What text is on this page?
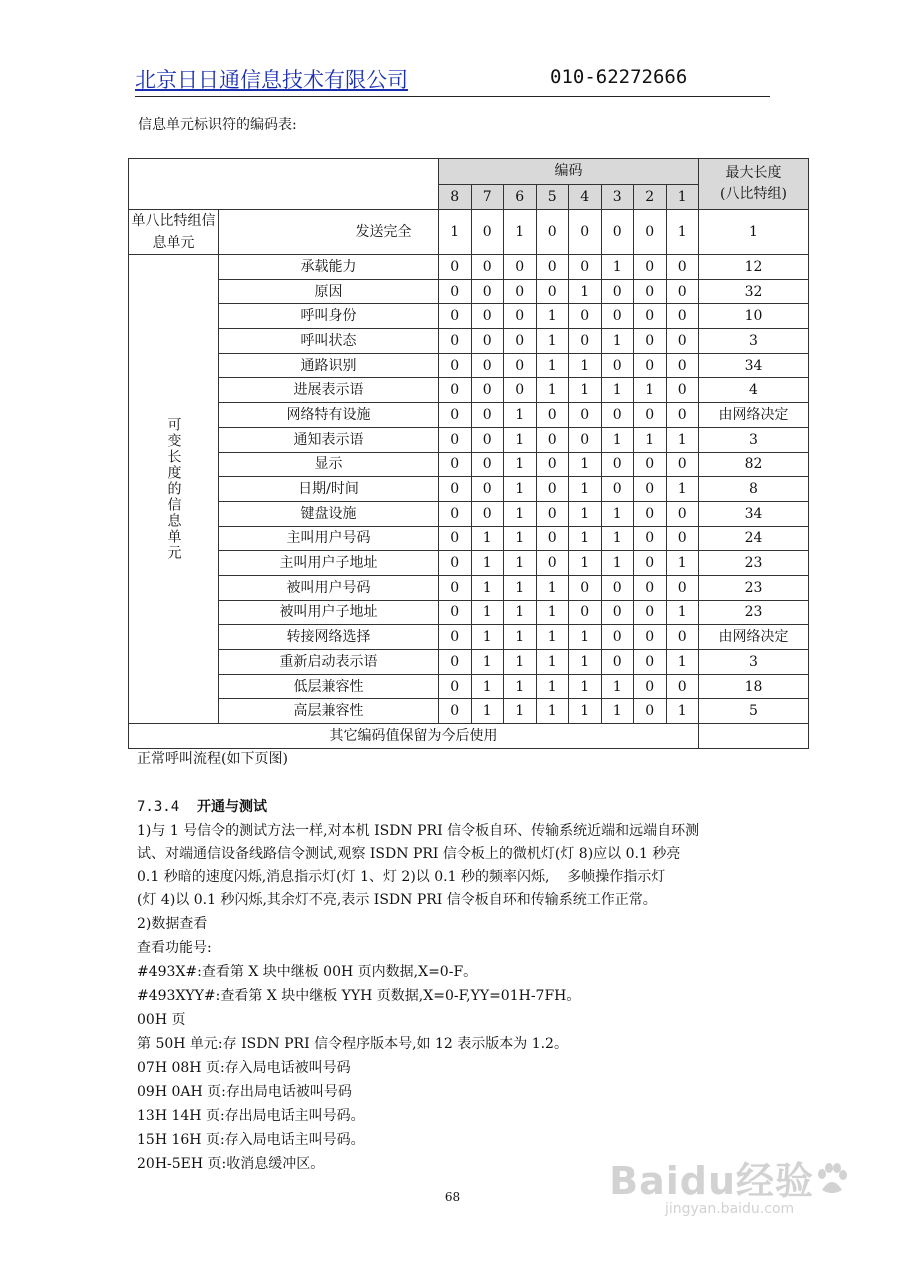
北京日日通信息技术有限公司	010-62272666
信息单元标识符的编码表:
		编码								最大长度
(八比特组)
		8	7	6	5	4	3	2	1	
单八比特组信息单元	发送完全	1	0	1	0	0	0	0	1	1
可变长度的信息单元	承载能力	0	0	0	0	0	1	0	0	12
	原因	0	0	0	0	1	0	0	0	32
	呼叫身份	0	0	0	1	0	0	0	0	10
	呼叫状态	0	0	0	1	0	1	0	0	3
	通路识别	0	0	0	1	1	0	0	0	34
	进展表示语	0	0	0	1	1	1	1	0	4
	网络特有设施	0	0	1	0	0	0	0	0	由网络决定
	通知表示语	0	0	1	0	0	1	1	1	3
	显示	0	0	1	0	1	0	0	0	82
	日期/时间	0	0	1	0	1	0	0	1	8
	键盘设施	0	0	1	0	1	1	0	0	34
	主叫用户号码	0	1	1	0	1	1	0	0	24
	主叫用户子地址	0	1	1	0	1	1	0	1	23
	被叫用户号码	0	1	1	1	0	0	0	0	23
	被叫用户子地址	0	1	1	1	0	0	0	1	23
	转接网络选择	0	1	1	1	1	0	0	0	由网络决定
	重新启动表示语	0	1	1	1	1	0	0	1	3
	低层兼容性	0	1	1	1	1	1	0	0	18
	高层兼容性	0	1	1	1	1	1	0	1	5
其它编码值保留为今后使用										
正常呼叫流程(如下页图)
7.3.4 开通与测试
1)与 1 号信令的测试方法一样,对本机 ISDN PRI 信令板自环、传输系统近端和远端自环测
试、对端通信设备线路信令测试,观察 ISDN PRI 信令板上的微机灯(灯 8)应以 0.1 秒亮
0.1 秒暗的速度闪烁,消息指示灯(灯 1、灯 2)以 0.1 秒的频率闪烁,    多帧操作指示灯
(灯 4)以 0.1 秒闪烁,其余灯不亮,表示 ISDN PRI 信令板自环和传输系统工作正常。
2)数据查看
查看功能号:
#493X#:查看第 X 块中继板 00H 页内数据,X=0-F。
#493XYY#:查看第 X 块中继板 YYH 页数据,X=0-F,YY=01H-7FH。
00H 页
第 50H 单元:存 ISDN PRI 信令程序版本号,如 12 表示版本为 1.2。
07H 08H 页:存入局电话被叫号码
09H 0AH 页:存出局电话被叫号码
13H 14H 页:存出局电话主叫号码。
15H 16H 页:存入局电话主叫号码。
20H-5EH 页:收消息缓冲区。
68	Baidu经验
jingyan.baidu.com
